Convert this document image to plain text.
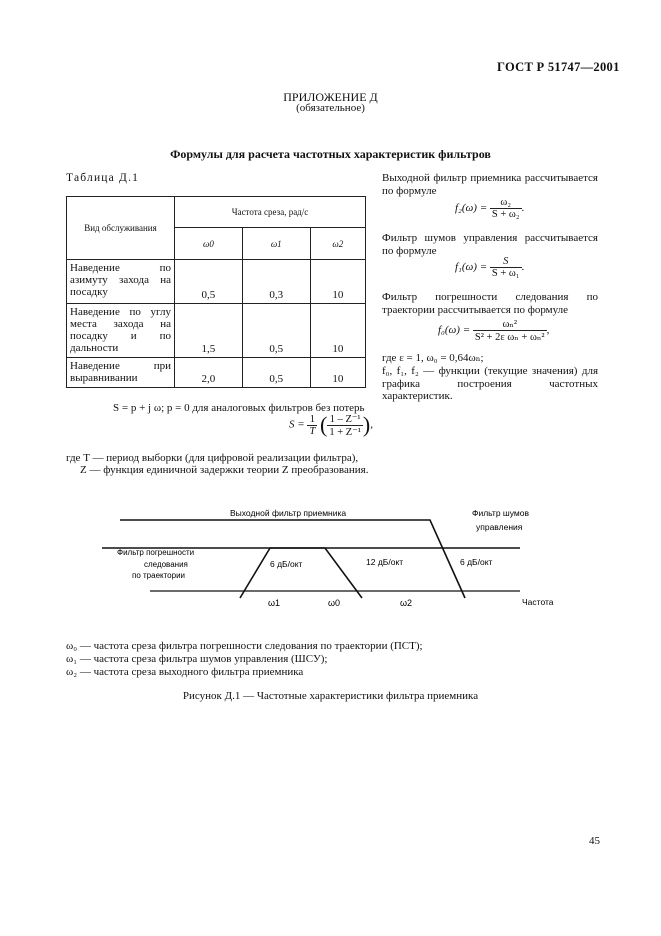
ГОСТ Р 51747—2001
ПРИЛОЖЕНИЕ Д
(обязательное)
Формулы для расчета частотных характеристик фильтров
Таблица Д.1
Вид обслуживания	Частота среза, рад/с		
	ω0	ω1	ω2
Наведение по азимуту захода на посадку	0,5	0,3	10
Наведение по углу места захода на посадку и по дальности	1,5	0,5	10
Наведение при выравнивании	2,0	0,5	10
S = p + j ω; p = 0 для аналоговых фильтров без потерь
$S = \frac{1}{T}$ ( $\frac{\text{1 – Z⁻¹}}{\text{1 + Z⁻¹}}$ ),
где T — период выборки (для цифровой реализации фильтра),
Z — функция единичной задержки теории Z преобразования.
Выходной фильтр приемника рассчитывается по формуле
$f_2(\omega) = \frac{\text{ω₂}}{\text{S + ω₂}}$ .
Фильтр шумов управления рассчитывается по формуле
$f_1(\omega) = \frac{S}{\text{S + ω₁}}$ .
Фильтр погрешности следования по траектории рассчитывается по формуле
$f_0(\omega) = \frac{\text{ωₙ²}}{\text{S² + 2ε ωₙ + ωₙ²}}$ ,
где ε = 1, ω₀ = 0,64ωₙ;
f₀, f₁, f₂ — функции (текущие значения) для графика построения частотных характеристик.
Выходной фильтр приемника	Фильтр шумов
управления
Фильтр погрешности
следования
по траектории
6 дБ/окт	12 дБ/окт	6 дБ/окт
ω1	ω0	ω2	Частота
ω₀ — частота среза фильтра погрешности следования по траектории (ПСТ);
ω₁ — частота среза фильтра шумов управления (ШСУ);
ω₂ — частота среза выходного фильтра приемника
Рисунок Д.1 — Частотные характеристики фильтра приемника
45
